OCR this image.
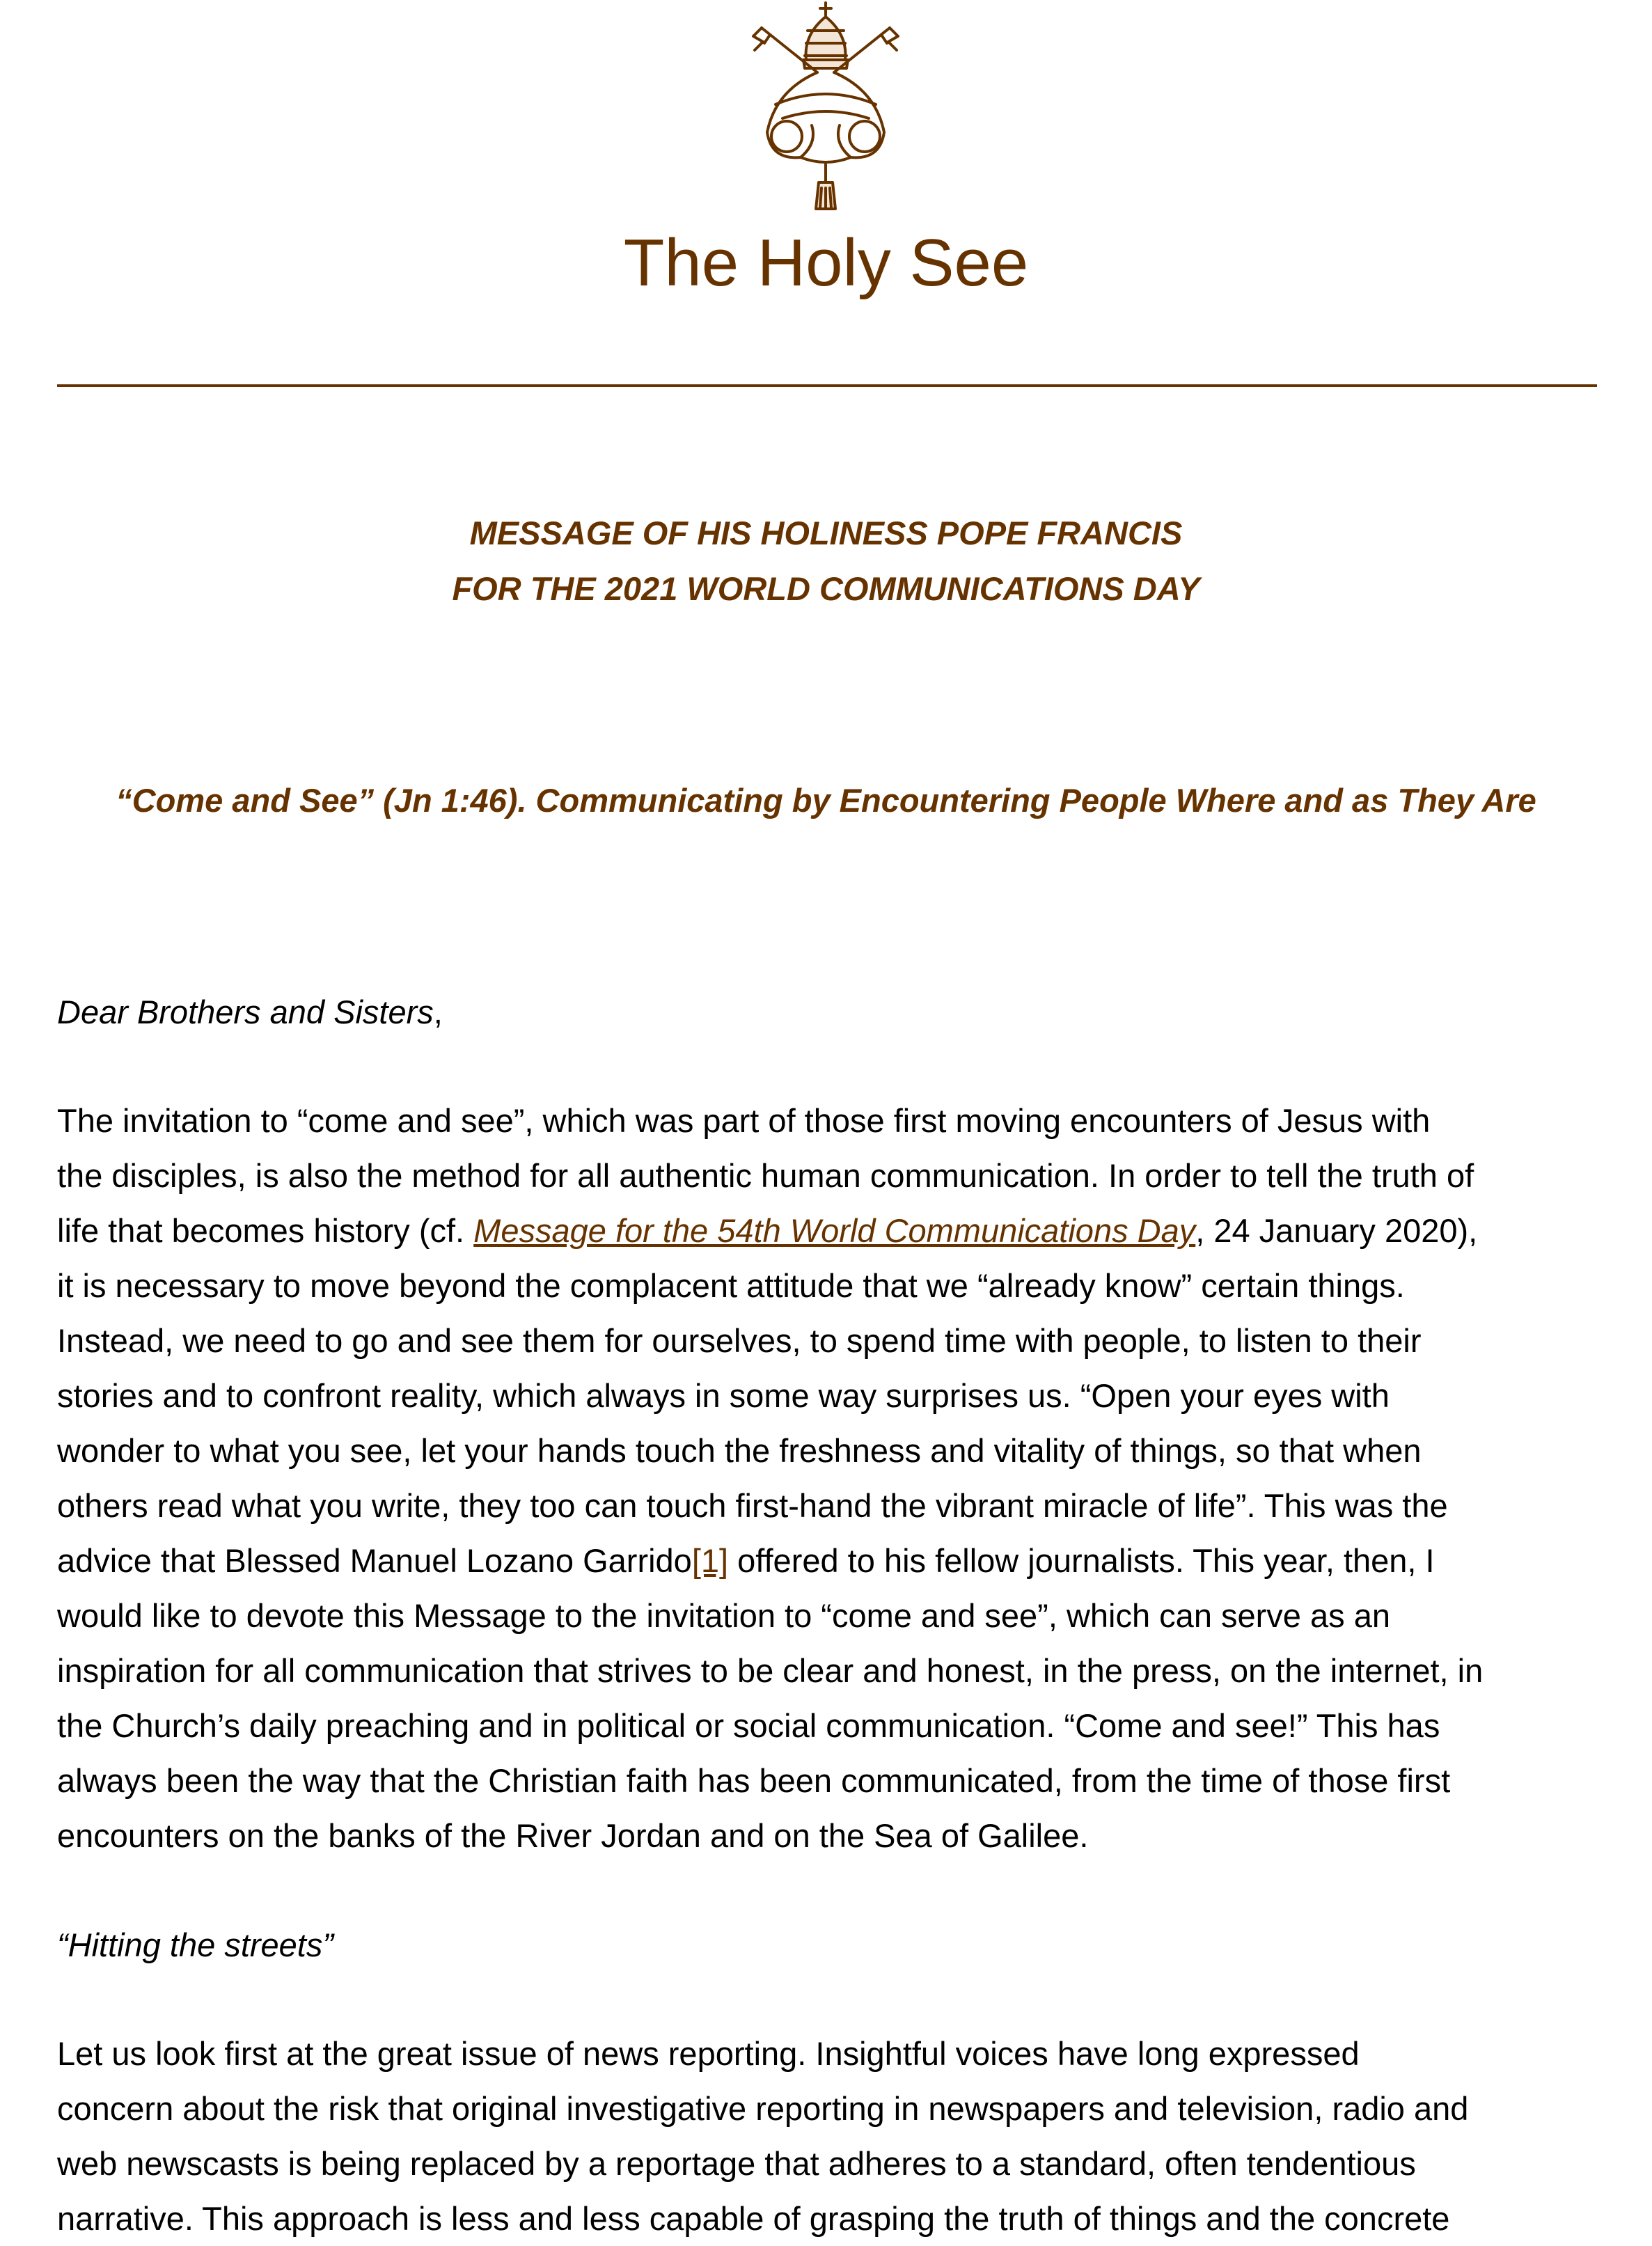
The Holy See
MESSAGE OF HIS HOLINESS POPE FRANCIS
FOR THE 2021 WORLD COMMUNICATIONS DAY
“Come and See” (Jn 1:46). Communicating by Encountering People Where and as They Are
Dear Brothers and Sisters,
The invitation to “come and see”, which was part of those first moving encounters of Jesus with
the disciples, is also the method for all authentic human communication. In order to tell the truth of
life that becomes history (cf. Message for the 54th World Communications Day, 24 January 2020),
it is necessary to move beyond the complacent attitude that we “already know” certain things.
Instead, we need to go and see them for ourselves, to spend time with people, to listen to their
stories and to confront reality, which always in some way surprises us. “Open your eyes with
wonder to what you see, let your hands touch the freshness and vitality of things, so that when
others read what you write, they too can touch first-hand the vibrant miracle of life”. This was the
advice that Blessed Manuel Lozano Garrido[1] offered to his fellow journalists. This year, then, I
would like to devote this Message to the invitation to “come and see”, which can serve as an
inspiration for all communication that strives to be clear and honest, in the press, on the internet, in
the Church’s daily preaching and in political or social communication. “Come and see!” This has
always been the way that the Christian faith has been communicated, from the time of those first
encounters on the banks of the River Jordan and on the Sea of Galilee.
“Hitting the streets”
Let us look first at the great issue of news reporting. Insightful voices have long expressed
concern about the risk that original investigative reporting in newspapers and television, radio and
web newscasts is being replaced by a reportage that adheres to a standard, often tendentious
narrative. This approach is less and less capable of grasping the truth of things and the concrete
